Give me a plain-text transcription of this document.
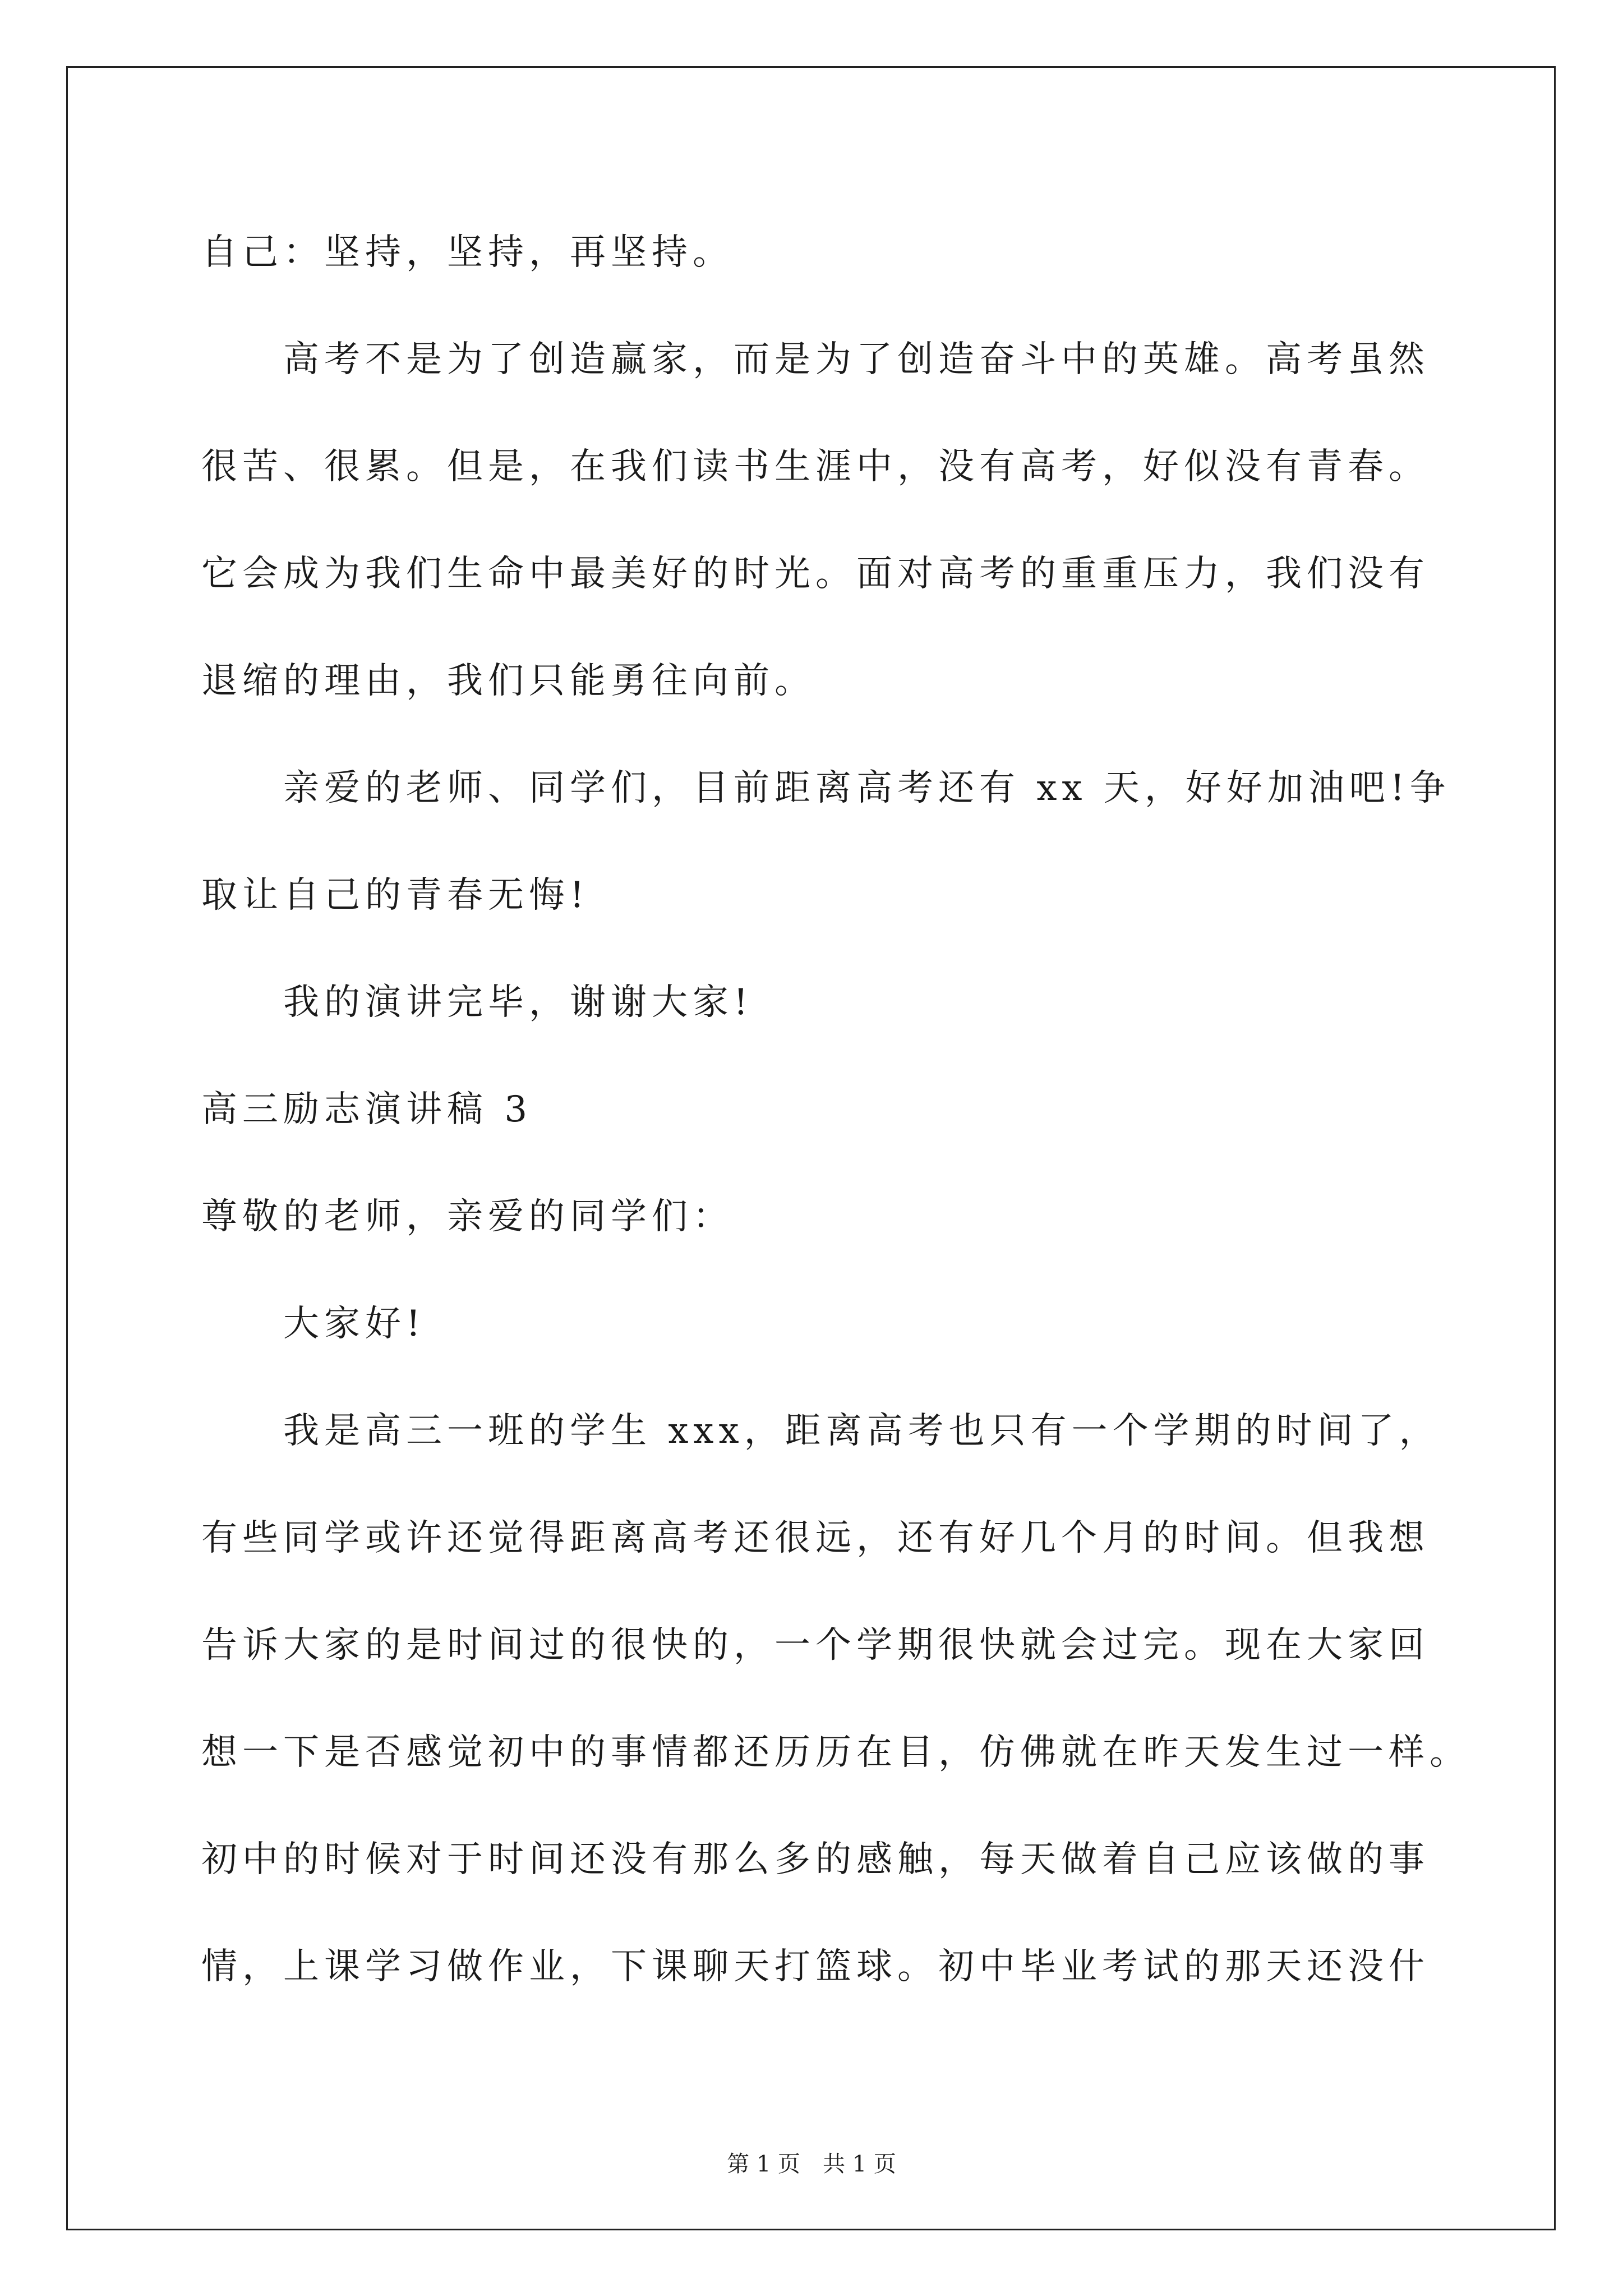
自己：坚持，坚持，再坚持。
高考不是为了创造赢家，而是为了创造奋斗中的英雄。高考虽然
很苦、很累。但是，在我们读书生涯中，没有高考，好似没有青春。
它会成为我们生命中最美好的时光。面对高考的重重压力，我们没有
退缩的理由，我们只能勇往向前。
亲爱的老师、同学们，目前距离高考还有 xx 天，好好加油吧!争
取让自己的青春无悔!
我的演讲完毕，谢谢大家!
高三励志演讲稿 3
尊敬的老师，亲爱的同学们：
大家好!
我是高三一班的学生 xxx，距离高考也只有一个学期的时间了，
有些同学或许还觉得距离高考还很远，还有好几个月的时间。但我想
告诉大家的是时间过的很快的，一个学期很快就会过完。现在大家回
想一下是否感觉初中的事情都还历历在目，仿佛就在昨天发生过一样。
初中的时候对于时间还没有那么多的感触，每天做着自己应该做的事
情，上课学习做作业，下课聊天打篮球。初中毕业考试的那天还没什
第 1 页　共 1 页
